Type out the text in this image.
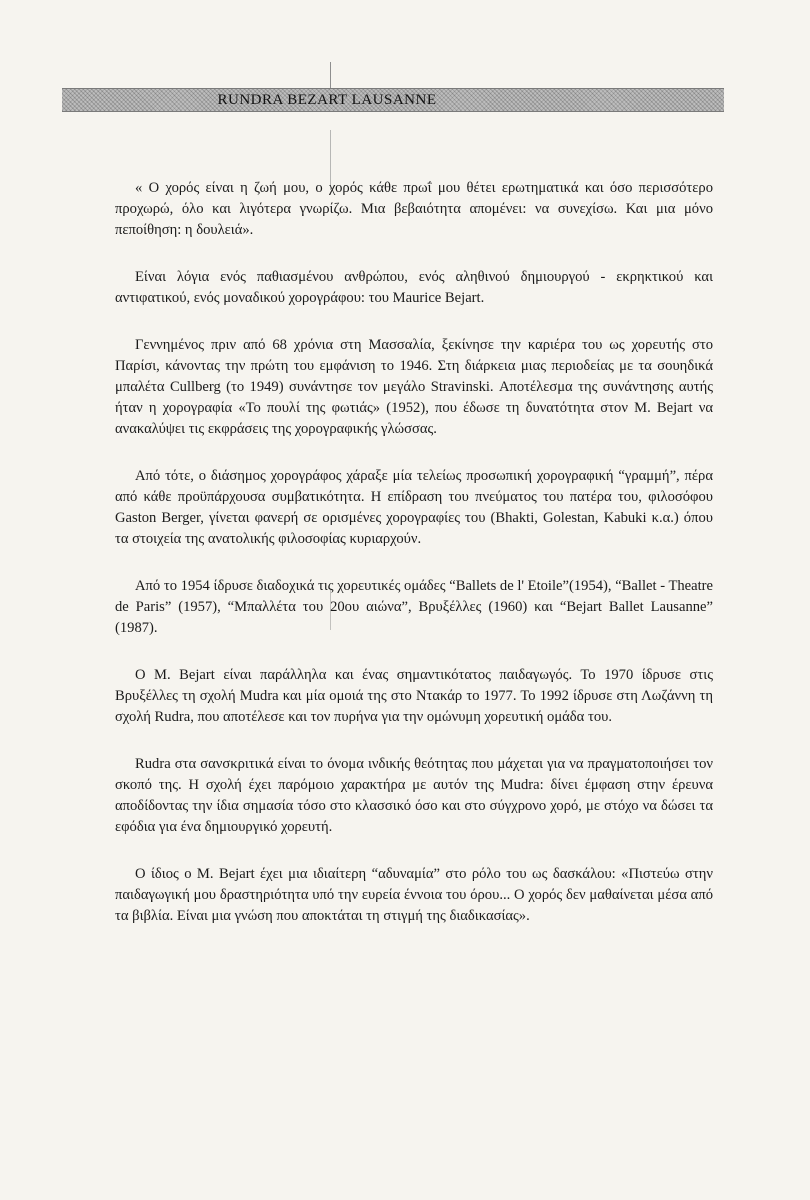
RUNDRA BEZART LAUSANNE

« Ο χορός είναι η ζωή μου, ο χορός κάθε πρωΐ μου θέτει ερωτηματικά και όσο περισσότερο προχωρώ, όλο και λιγότερα γνωρίζω. Μια βεβαιότητα απομένει: να συνεχίσω. Και μια μόνο πεποίθηση: η δουλειά».

Είναι λόγια ενός παθιασμένου ανθρώπου, ενός αληθινού δημιουργού - εκρηκτικού και αντιφατικού, ενός μοναδικού χορογράφου: του Maurice Bejart.

Γεννημένος πριν από 68 χρόνια στη Μασσαλία, ξεκίνησε την καριέρα του ως χορευτής στο Παρίσι, κάνοντας την πρώτη του εμφάνιση το 1946. Στη διάρκεια μιας περιοδείας με τα σουηδικά μπαλέτα Cullberg (το 1949) συνάντησε τον μεγάλο Stravinski. Αποτέλεσμα της συνάντησης αυτής ήταν η χορογραφία «Το πουλί της φωτιάς» (1952), που έδωσε τη δυνατότητα στον Μ. Bejart να ανακαλύψει τις εκφράσεις της χορογραφικής γλώσσας.

Από τότε, ο διάσημος χορογράφος χάραξε μία τελείως προσωπική χορογραφική “γραμμή”, πέρα από κάθε προϋπάρχουσα συμβατικότητα. Η επίδραση του πνεύματος του πατέρα του, φιλοσόφου Gaston Berger, γίνεται φανερή σε ορισμένες χορογραφίες του (Bhakti, Golestan, Kabuki κ.α.) όπου τα στοιχεία της ανατολικής φιλοσοφίας κυριαρχούν.

Από το 1954 ίδρυσε διαδοχικά τις χορευτικές ομάδες “Ballets de l' Etoile”(1954), “Ballet - Theatre de Paris” (1957), “Μπαλλέτα του 20ου αιώνα”, Βρυξέλλες (1960) και “Bejart Ballet Lausanne” (1987).

Ο Μ. Bejart είναι παράλληλα και ένας σημαντικότατος παιδαγωγός. Το 1970 ίδρυσε στις Βρυξέλλες τη σχολή Mudra και μία ομοιά της στο Ντακάρ το 1977. Το 1992 ίδρυσε στη Λωζάννη τη σχολή Rudra, που αποτέλεσε και τον πυρήνα για την ομώνυμη χορευτική ομάδα του.

Rudra στα σανσκριτικά είναι το όνομα ινδικής θεότητας που μάχεται για να πραγματοποιήσει τον σκοπό της. Η σχολή έχει παρόμοιο χαρακτήρα με αυτόν της Mudra: δίνει έμφαση στην έρευνα αποδίδοντας την ίδια σημασία τόσο στο κλασσικό όσο και στο σύγχρονο χορό, με στόχο να δώσει τα εφόδια για ένα δημιουργικό χορευτή.

Ο ίδιος ο Μ. Bejart έχει μια ιδιαίτερη “αδυναμία” στο ρόλο του ως δασκάλου: «Πιστεύω στην παιδαγωγική μου δραστηριότητα υπό την ευρεία έννοια του όρου... Ο χορός δεν μαθαίνεται μέσα από τα βιβλία. Είναι μια γνώση που αποκτάται τη στιγμή της διαδικασίας».
